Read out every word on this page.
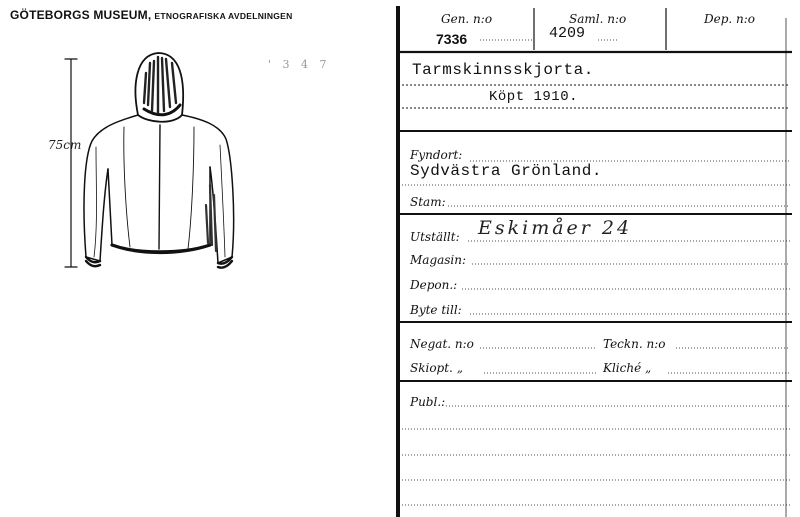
GÖTEBORGS MUSEUM, ETNOGRAFISKA AVDELNINGEN
' 3 4 7
75cm
Gen. n:o
7336
Saml. n:o
4209
Dep. n:o
Tarmskinnsskjorta.
Köpt 1910.
Fyndort:
Sydvästra Grönland.
Stam:
Utställt: Eskimåer 24
Magasin:
Depon.:
Byte till:
Negat. n:o	Teckn. n:o
Skiopt. „	Kliché „
Publ.:
